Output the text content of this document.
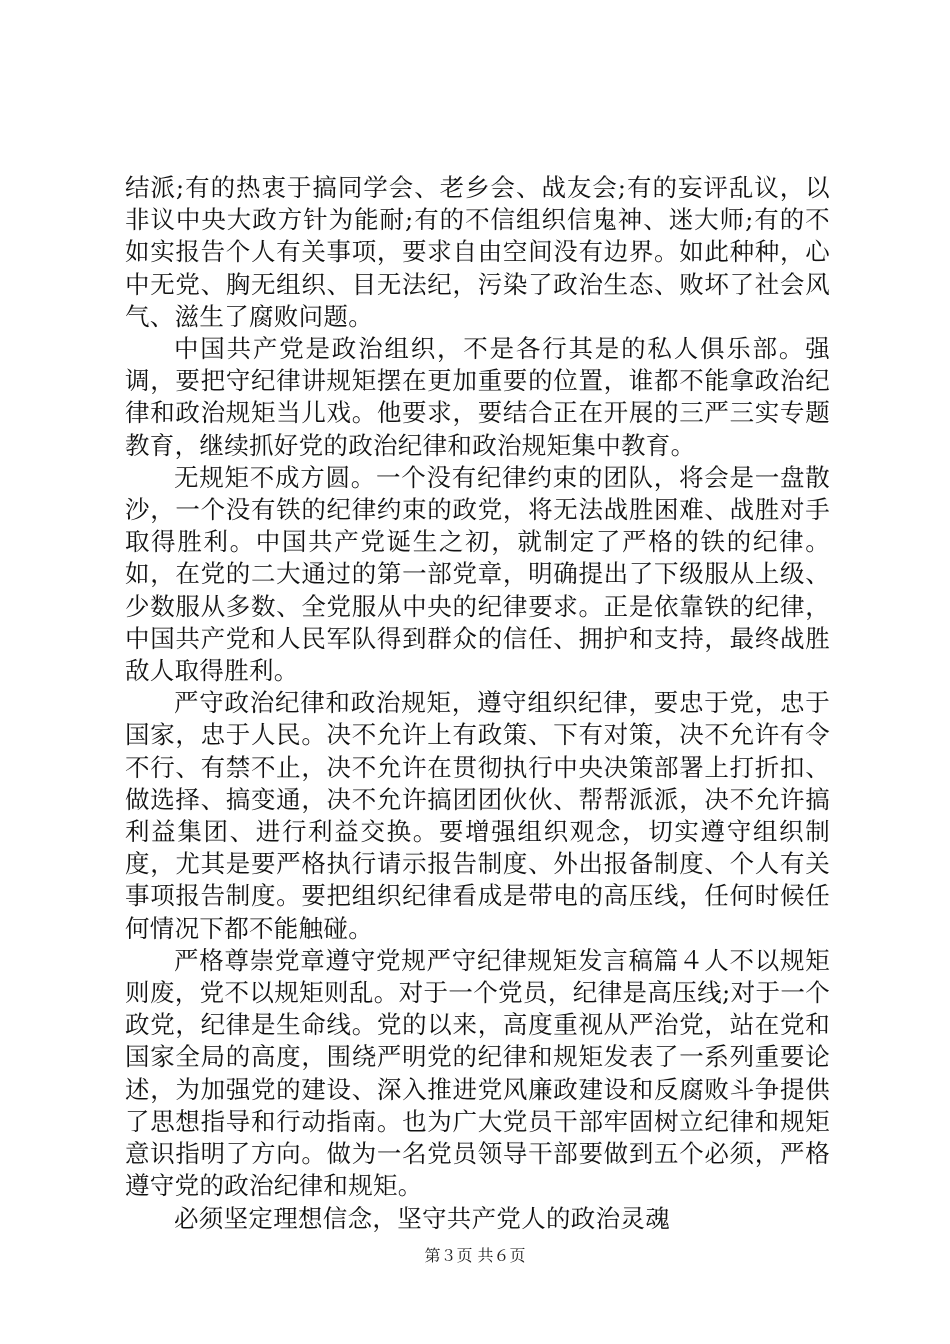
结派;有的热衷于搞同学会、老乡会、战友会;有的妄评乱议，以非议中央大政方针为能耐;有的不信组织信鬼神、迷大师;有的不如实报告个人有关事项，要求自由空间没有边界。如此种种，心中无党、胸无组织、目无法纪，污染了政治生态、败坏了社会风气、滋生了腐败问题。

中国共产党是政治组织，不是各行其是的私人俱乐部。强调，要把守纪律讲规矩摆在更加重要的位置，谁都不能拿政治纪律和政治规矩当儿戏。他要求，要结合正在开展的三严三实专题教育，继续抓好党的政治纪律和政治规矩集中教育。

无规矩不成方圆。一个没有纪律约束的团队，将会是一盘散沙，一个没有铁的纪律约束的政党，将无法战胜困难、战胜对手取得胜利。中国共产党诞生之初，就制定了严格的铁的纪律。如，在党的二大通过的第一部党章，明确提出了下级服从上级、少数服从多数、全党服从中央的纪律要求。正是依靠铁的纪律，中国共产党和人民军队得到群众的信任、拥护和支持，最终战胜敌人取得胜利。

严守政治纪律和政治规矩，遵守组织纪律，要忠于党，忠于国家，忠于人民。决不允许上有政策、下有对策，决不允许有令不行、有禁不止，决不允许在贯彻执行中央决策部署上打折扣、做选择、搞变通，决不允许搞团团伙伙、帮帮派派，决不允许搞利益集团、进行利益交换。要增强组织观念，切实遵守组织制度，尤其是要严格执行请示报告制度、外出报备制度、个人有关事项报告制度。要把组织纪律看成是带电的高压线，任何时候任何情况下都不能触碰。

严格尊崇党章遵守党规严守纪律规矩发言稿篇４人不以规矩则废，党不以规矩则乱。对于一个党员，纪律是高压线;对于一个政党，纪律是生命线。党的以来，高度重视从严治党，站在党和国家全局的高度，围绕严明党的纪律和规矩发表了一系列重要论述，为加强党的建设、深入推进党风廉政建设和反腐败斗争提供了思想指导和行动指南。也为广大党员干部牢固树立纪律和规矩意识指明了方向。做为一名党员领导干部要做到五个必须，严格遵守党的政治纪律和规矩。

必须坚定理想信念，坚守共产党人的政治灵魂

第３页 共６页
